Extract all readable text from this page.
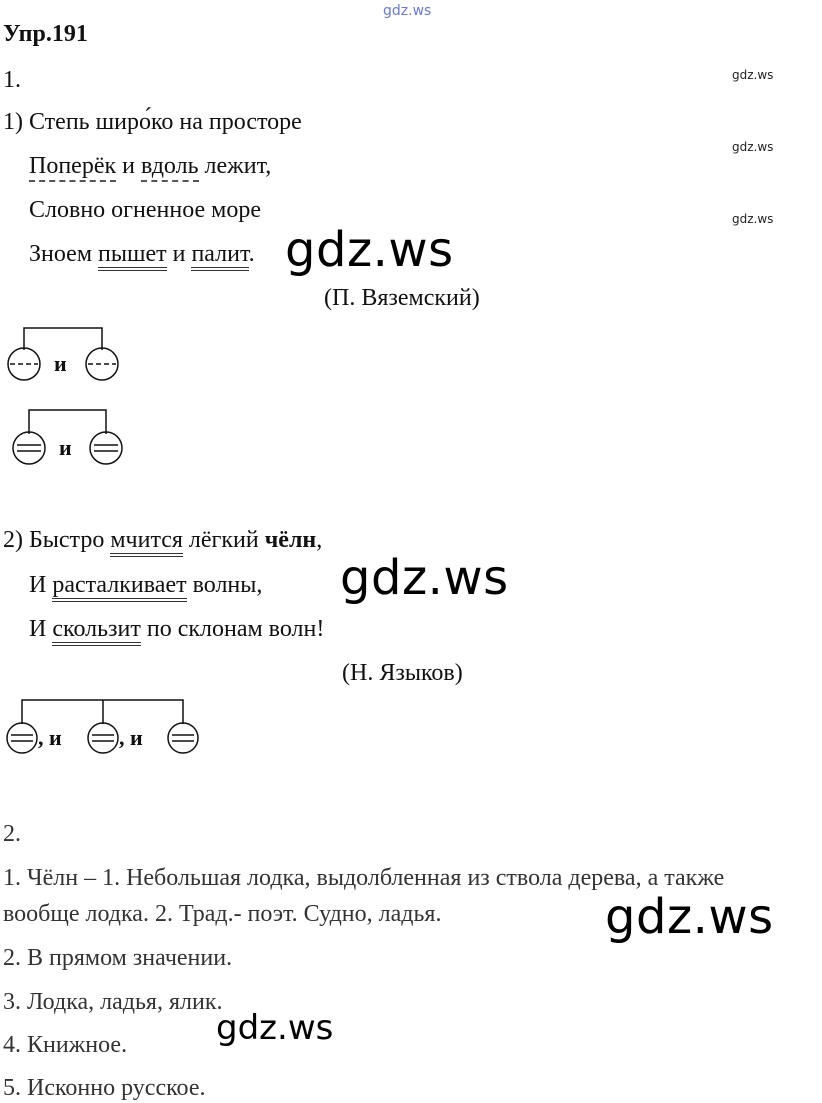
gdz.ws
gdz.ws
gdz.ws
gdz.ws
gdz.ws
gdz.ws
gdz.ws
gdz.ws
Упр.191
1.
1) Степь широ́ко на просторе
Поперёк и вдоль лежит,
Словно огненное море
Зноем пышет и палит.
(П. Вяземский)
и
и
2) Быстро мчится лёгкий чёлн,
И расталкивает волны,
И скользит по склонам волн!
(Н. Языков)
, и	, и
2.
1. Чёлн – 1. Небольшая лодка, выдолбленная из ствола дерева, а также
вообще лодка. 2. Трад.- поэт. Судно, ладья.
2. В прямом значении.
3. Лодка, ладья, ялик.
4. Книжное.
5. Исконно русское.
